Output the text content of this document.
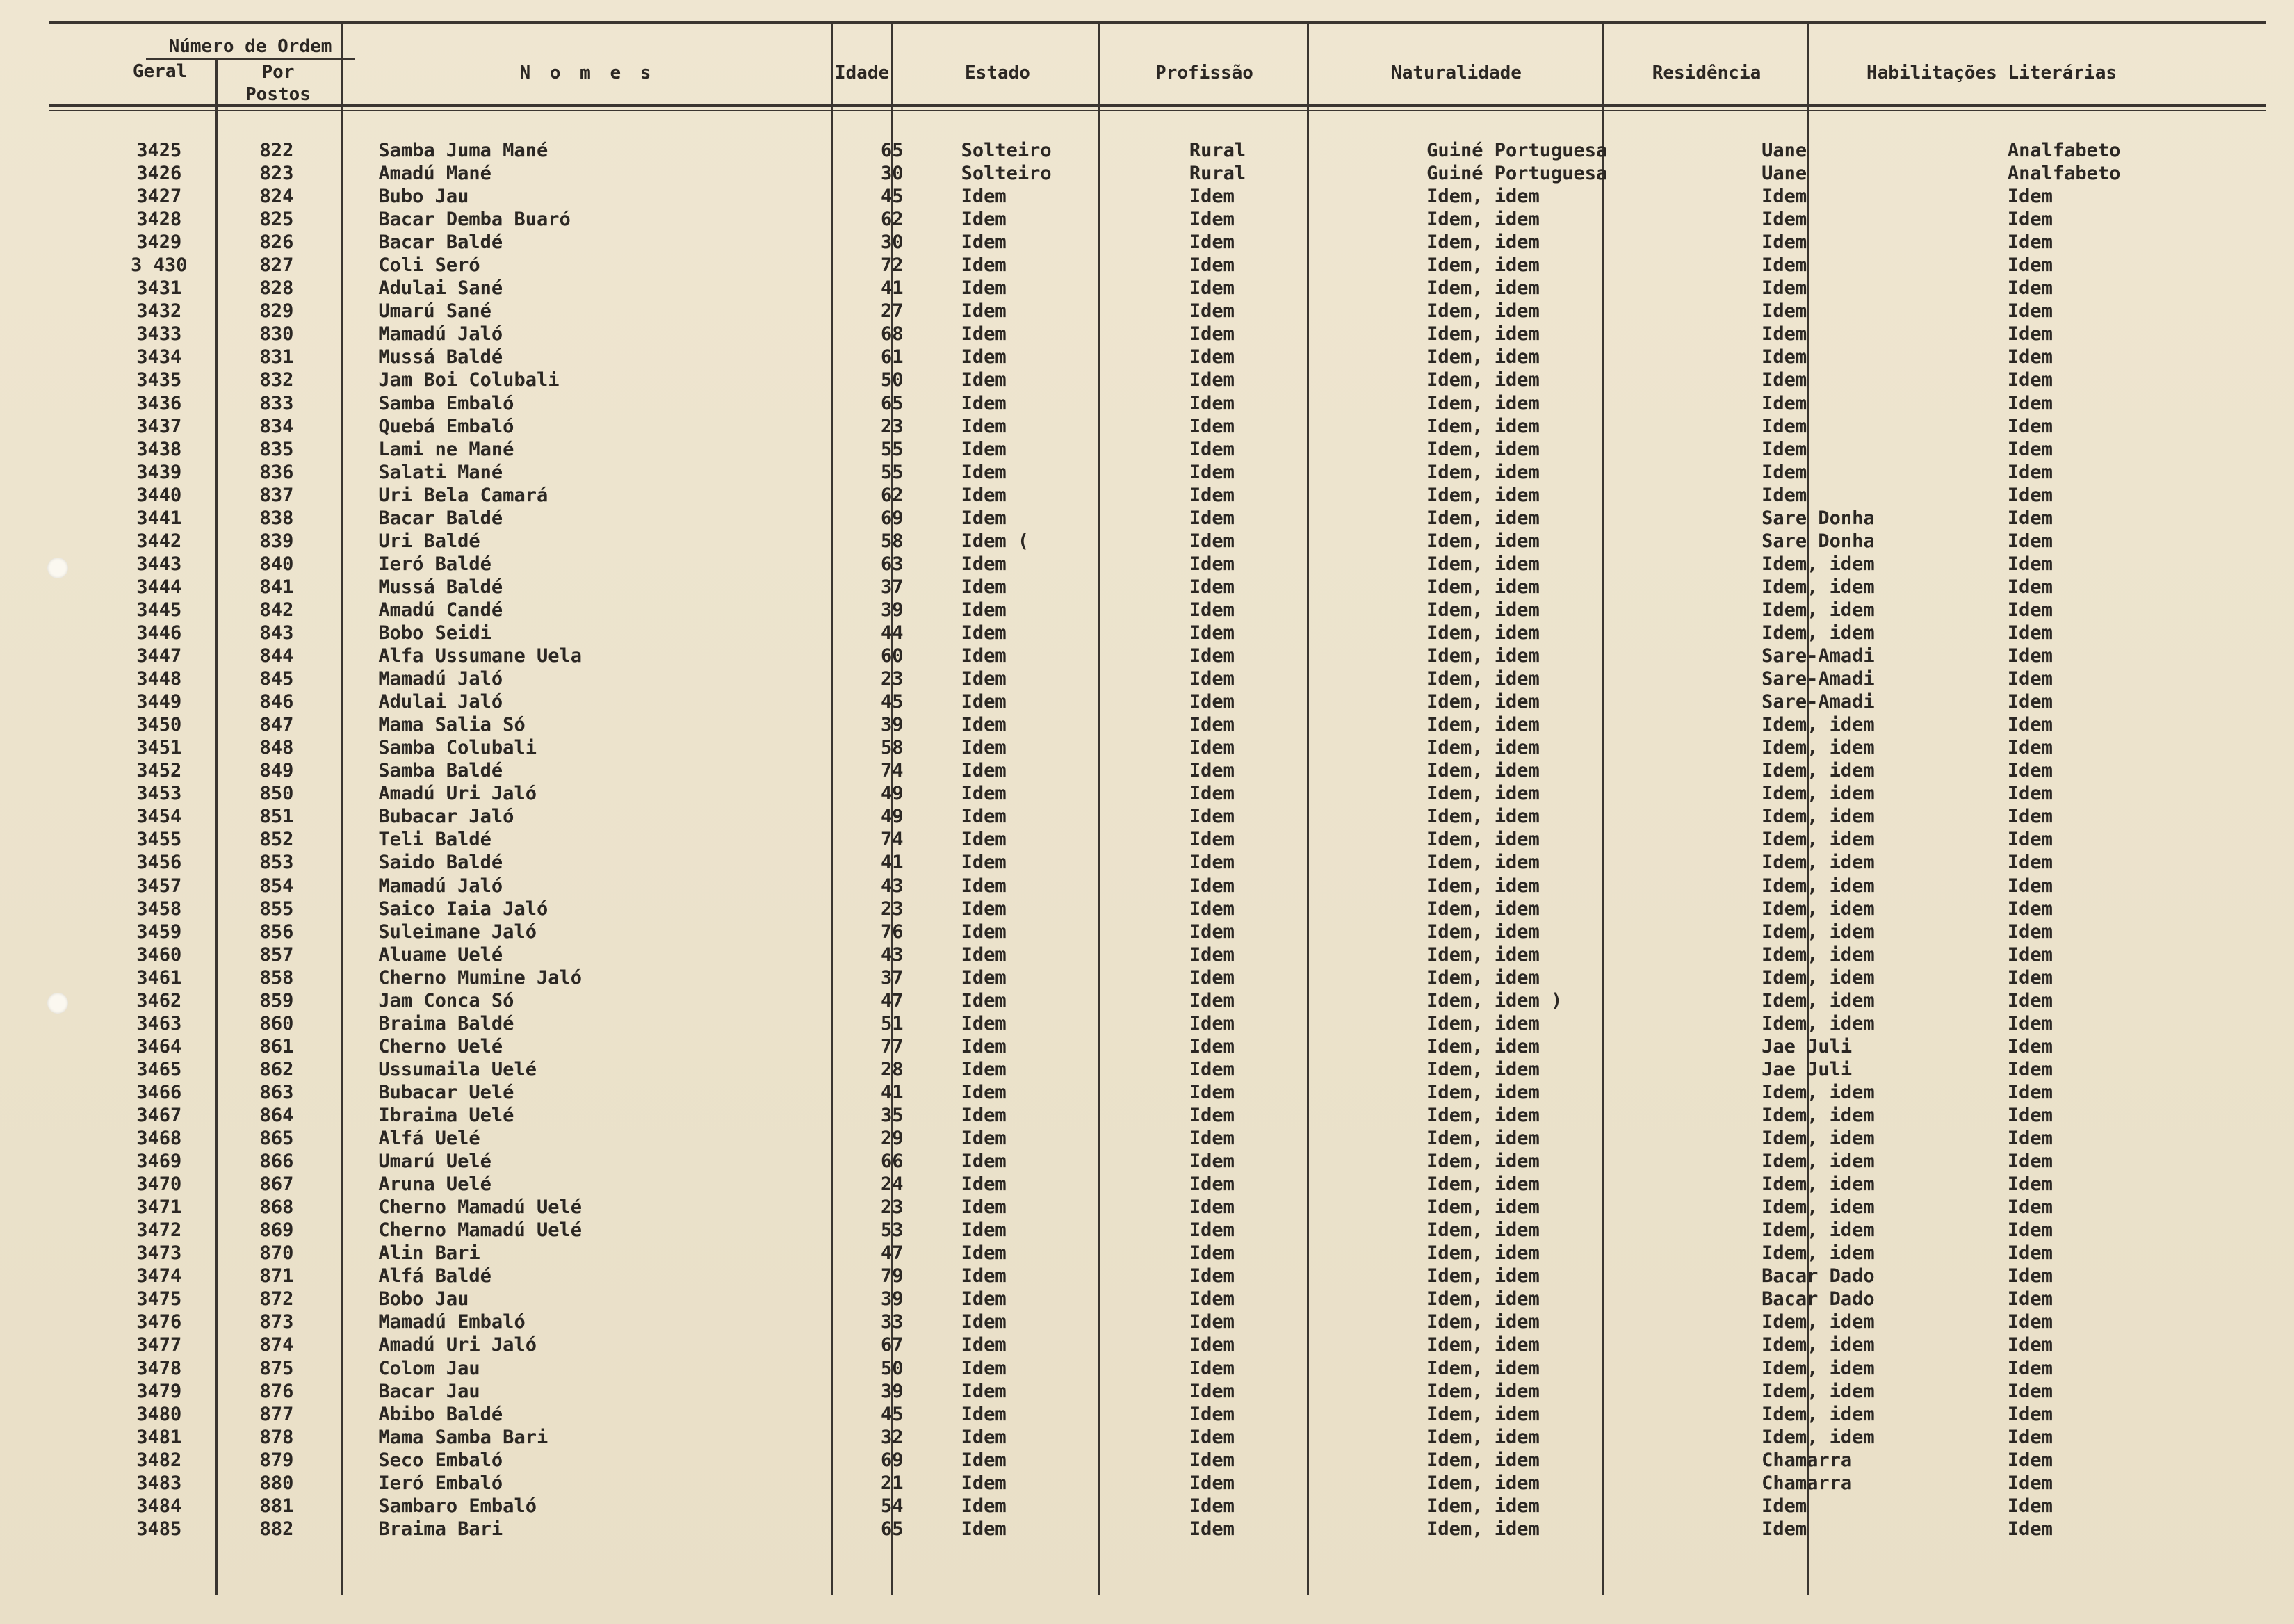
Número de Ordem
Geral	Por Postos
N o m e s	Idade	Estado	Profissão	Naturalidade	Residência	Habilitações Literárias
3425	822	Samba Juma Mané	65	Solteiro	Rural	Guiné Portuguesa	Uane	Analfabeto
3426	823	Amadú Mané	30	Solteiro	Rural	Guiné Portuguesa	Uane	Analfabeto
3427	824	Bubo Jau	45	Idem	Idem	Idem, idem	Idem	Idem
3428	825	Bacar Demba Buaró	62	Idem	Idem	Idem, idem	Idem	Idem
3429	826	Bacar Baldé	30	Idem	Idem	Idem, idem	Idem	Idem
3 430	827	Coli Seró	72	Idem	Idem	Idem, idem	Idem	Idem
3431	828	Adulai Sané	41	Idem	Idem	Idem, idem	Idem	Idem
3432	829	Umarú Sané	27	Idem	Idem	Idem, idem	Idem	Idem
3433	830	Mamadú Jaló	68	Idem	Idem	Idem, idem	Idem	Idem
3434	831	Mussá Baldé	61	Idem	Idem	Idem, idem	Idem	Idem
3435	832	Jam Boi Colubali	50	Idem	Idem	Idem, idem	Idem	Idem
3436	833	Samba Embaló	65	Idem	Idem	Idem, idem	Idem	Idem
3437	834	Quebá Embaló	23	Idem	Idem	Idem, idem	Idem	Idem
3438	835	Lami ne Mané	55	Idem	Idem	Idem, idem	Idem	Idem
3439	836	Salati Mané	55	Idem	Idem	Idem, idem	Idem	Idem
3440	837	Uri Bela Camará	62	Idem	Idem	Idem, idem	Idem	Idem
3441	838	Bacar Baldé	69	Idem	Idem	Idem, idem	Sare Donha	Idem
3442	839	Uri Baldé	58	Idem (	Idem	Idem, idem	Sare Donha	Idem
3443	840	Ieró Baldé	63	Idem	Idem	Idem, idem	Idem, idem	Idem
3444	841	Mussá Baldé	37	Idem	Idem	Idem, idem	Idem, idem	Idem
3445	842	Amadú Candé	39	Idem	Idem	Idem, idem	Idem, idem	Idem
3446	843	Bobo Seidi	44	Idem	Idem	Idem, idem	Idem, idem	Idem
3447	844	Alfa Ussumane Uela	60	Idem	Idem	Idem, idem	Sare-Amadi	Idem
3448	845	Mamadú Jaló	23	Idem	Idem	Idem, idem	Sare-Amadi	Idem
3449	846	Adulai Jaló	45	Idem	Idem	Idem, idem	Sare-Amadi	Idem
3450	847	Mama Salia Só	39	Idem	Idem	Idem, idem	Idem, idem	Idem
3451	848	Samba Colubali	58	Idem	Idem	Idem, idem	Idem, idem	Idem
3452	849	Samba Baldé	74	Idem	Idem	Idem, idem	Idem, idem	Idem
3453	850	Amadú Uri Jaló	49	Idem	Idem	Idem, idem	Idem, idem	Idem
3454	851	Bubacar Jaló	49	Idem	Idem	Idem, idem	Idem, idem	Idem
3455	852	Teli Baldé	74	Idem	Idem	Idem, idem	Idem, idem	Idem
3456	853	Saido Baldé	41	Idem	Idem	Idem, idem	Idem, idem	Idem
3457	854	Mamadú Jaló	43	Idem	Idem	Idem, idem	Idem, idem	Idem
3458	855	Saico Iaia Jaló	23	Idem	Idem	Idem, idem	Idem, idem	Idem
3459	856	Suleimane Jaló	76	Idem	Idem	Idem, idem	Idem, idem	Idem
3460	857	Aluame Uelé	43	Idem	Idem	Idem, idem	Idem, idem	Idem
3461	858	Cherno Mumine Jaló	37	Idem	Idem	Idem, idem	Idem, idem	Idem
3462	859	Jam Conca Só	47	Idem	Idem	Idem, idem )	Idem, idem	Idem
3463	860	Braima Baldé	51	Idem	Idem	Idem, idem	Idem, idem	Idem
3464	861	Cherno Uelé	77	Idem	Idem	Idem, idem	Jae Juli	Idem
3465	862	Ussumaila Uelé	28	Idem	Idem	Idem, idem	Jae Juli	Idem
3466	863	Bubacar Uelé	41	Idem	Idem	Idem, idem	Idem, idem	Idem
3467	864	Ibraima Uelé	35	Idem	Idem	Idem, idem	Idem, idem	Idem
3468	865	Alfá Uelé	29	Idem	Idem	Idem, idem	Idem, idem	Idem
3469	866	Umarú Uelé	66	Idem	Idem	Idem, idem	Idem, idem	Idem
3470	867	Aruna Uelé	24	Idem	Idem	Idem, idem	Idem, idem	Idem
3471	868	Cherno Mamadú Uelé	23	Idem	Idem	Idem, idem	Idem, idem	Idem
3472	869	Cherno Mamadú Uelé	53	Idem	Idem	Idem, idem	Idem, idem	Idem
3473	870	Alin Bari	47	Idem	Idem	Idem, idem	Idem, idem	Idem
3474	871	Alfá Baldé	79	Idem	Idem	Idem, idem	Bacar Dado	Idem
3475	872	Bobo Jau	39	Idem	Idem	Idem, idem	Bacar Dado	Idem
3476	873	Mamadú Embaló	33	Idem	Idem	Idem, idem	Idem, idem	Idem
3477	874	Amadú Uri Jaló	67	Idem	Idem	Idem, idem	Idem, idem	Idem
3478	875	Colom Jau	50	Idem	Idem	Idem, idem	Idem, idem	Idem
3479	876	Bacar Jau	39	Idem	Idem	Idem, idem	Idem, idem	Idem
3480	877	Abibo Baldé	45	Idem	Idem	Idem, idem	Idem, idem	Idem
3481	878	Mama Samba Bari	32	Idem	Idem	Idem, idem	Idem, idem	Idem
3482	879	Seco Embaló	69	Idem	Idem	Idem, idem	Chamarra	Idem
3483	880	Ieró Embaló	21	Idem	Idem	Idem, idem	Chamarra	Idem
3484	881	Sambaro Embaló	54	Idem	Idem	Idem, idem	Idem	Idem
3485	882	Braima Bari	65	Idem	Idem	Idem, idem	Idem	Idem
